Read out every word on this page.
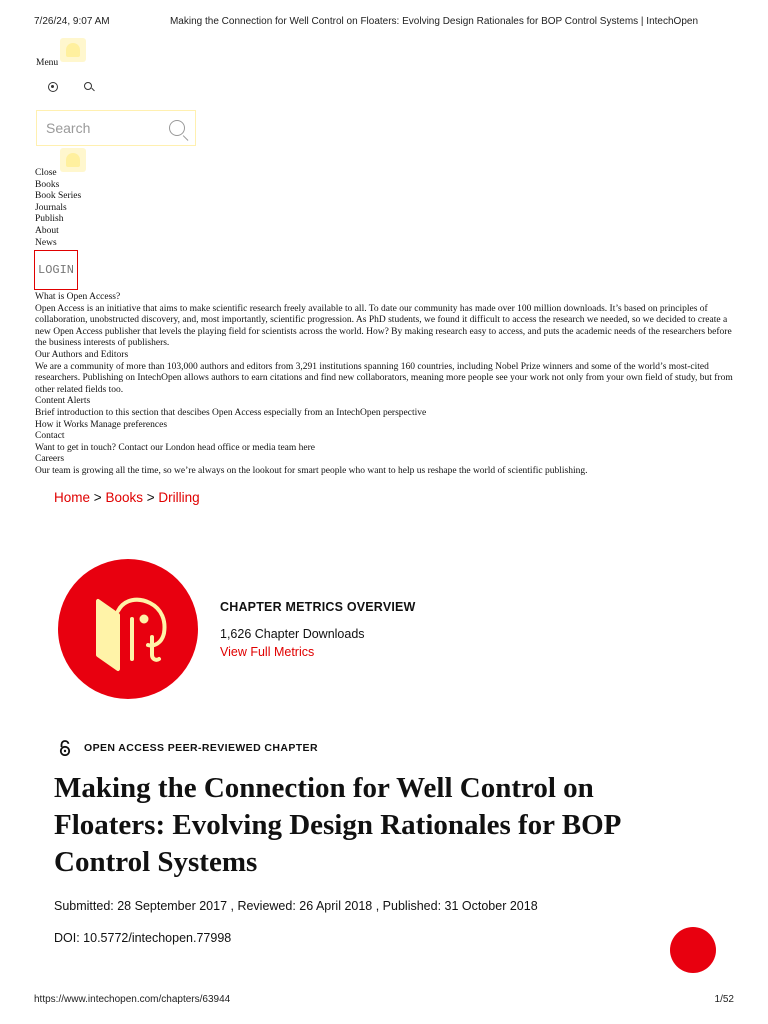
7/26/24, 9:07 AM	Making the Connection for Well Control on Floaters: Evolving Design Rationales for BOP Control Systems | IntechOpen
Menu
Search
Close
Books
Book Series
Journals
Publish
About
News
LOGIN
What is Open Access?
Open Access is an initiative that aims to make scientific research freely available to all. To date our community has made over 100 million downloads. It’s based on principles of collaboration, unobstructed discovery, and, most importantly, scientific progression. As PhD students, we found it difficult to access the research we needed, so we decided to create a new Open Access publisher that levels the playing field for scientists across the world. How? By making research easy to access, and puts the academic needs of the researchers before the business interests of publishers.
Our Authors and Editors
We are a community of more than 103,000 authors and editors from 3,291 institutions spanning 160 countries, including Nobel Prize winners and some of the world’s most-cited researchers. Publishing on IntechOpen allows authors to earn citations and find new collaborators, meaning more people see your work not only from your own field of study, but from other related fields too.
Content Alerts
Brief introduction to this section that descibes Open Access especially from an IntechOpen perspective
How it Works Manage preferences
Contact
Want to get in touch? Contact our London head office or media team here
Careers
Our team is growing all the time, so we’re always on the lookout for smart people who want to help us reshape the world of scientific publishing.
Home > Books > Drilling
CHAPTER METRICS OVERVIEW
1,626 Chapter Downloads
View Full Metrics
OPEN ACCESS PEER-REVIEWED CHAPTER
Making the Connection for Well Control on Floaters: Evolving Design Rationales for BOP Control Systems
Submitted: 28 September 2017 , Reviewed: 26 April 2018 , Published: 31 October 2018
DOI: 10.5772/intechopen.77998
https://www.intechopen.com/chapters/63944	1/52
